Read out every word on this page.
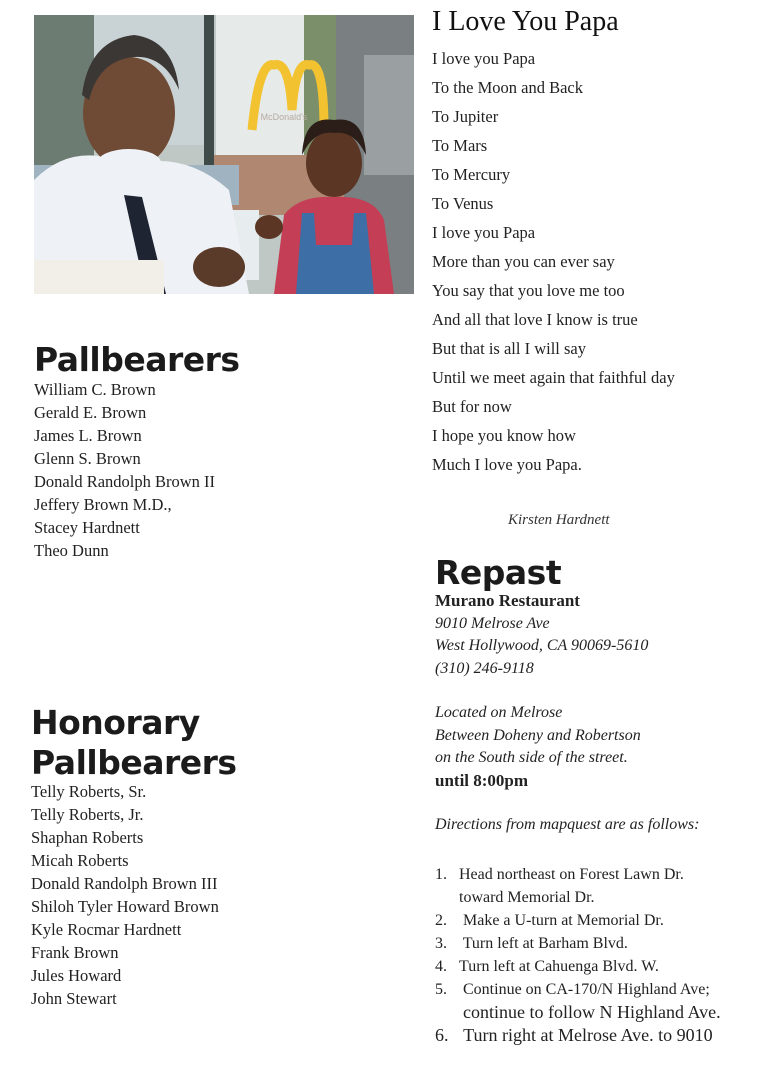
McDonald's
I Love You Papa
I love you Papa
To the Moon and Back
To Jupiter
To Mars
To Mercury
To Venus
I love you Papa
More than you can ever say
You say that you love me too
And all that love I know is true
But that is all I will say
Until we meet again that faithful day
But for now
I hope you know how
Much I love you Papa.
Kirsten Hardnett
Pallbearers
William C. Brown
Gerald E. Brown
James L. Brown
Glenn S. Brown
Donald Randolph Brown II
Jeffery Brown M.D.,
Stacey Hardnett
Theo Dunn
Honorary
Pallbearers
Telly Roberts, Sr.
Telly Roberts, Jr.
Shaphan Roberts
Micah Roberts
Donald Randolph Brown III
Shiloh Tyler Howard Brown
Kyle Rocmar Hardnett
Frank Brown
Jules Howard
John Stewart
Repast
Murano Restaurant
9010 Melrose Ave
West Hollywood, CA 90069-5610
(310) 246-9118
Located on Melrose
Between Doheny and Robertson
on the South side of the street.
until 8:00pm
Directions from mapquest are as follows:
1. Head northeast on Forest Lawn Dr.
toward Memorial Dr.
2. Make a U-turn at Memorial Dr.
3. Turn left at Barham Blvd.
4. Turn left at Cahuenga Blvd. W.
5. Continue on CA-170/N Highland Ave;
continue to follow N Highland Ave.
6. Turn right at Melrose Ave. to 9010
